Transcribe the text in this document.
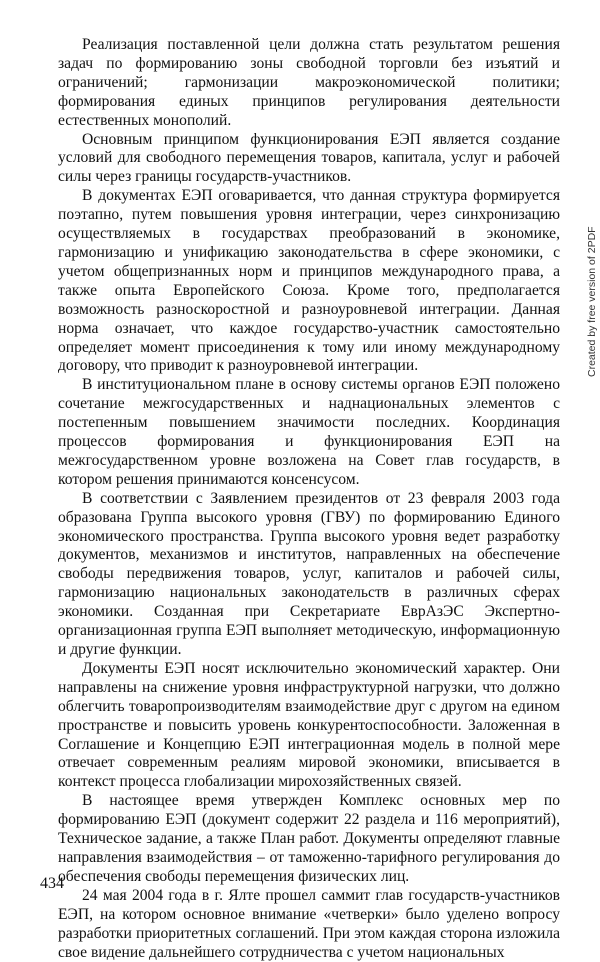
Реализация поставленной цели должна стать результатом решения задач по формированию зоны свободной торговли без изъятий и ограничений; гармонизации макроэкономической политики; формирования единых принципов регулирования деятельности естественных монополий.

Основным принципом функционирования ЕЭП является создание условий для свободного перемещения товаров, капитала, услуг и рабочей силы через границы государств-участников.

В документах ЕЭП оговаривается, что данная структура формируется поэтапно, путем повышения уровня интеграции, через синхронизацию осуществляемых в государствах преобразований в экономике, гармонизацию и унификацию законодательства в сфере экономики, с учетом общепризнанных норм и принципов международного права, а также опыта Европейского Союза. Кроме того, предполагается возможность разноскоростной и разноуровневой интеграции. Данная норма означает, что каждое государство-участник самостоятельно определяет момент присоединения к тому или иному международному договору, что приводит к разноуровневой интеграции.

В институциональном плане в основу системы органов ЕЭП положено сочетание межгосударственных и наднациональных элементов с постепенным повышением значимости последних. Координация процессов формирования и функционирования ЕЭП на межгосударственном уровне возложена на Совет глав государств, в котором решения принимаются консенсусом.

В соответствии с Заявлением президентов от 23 февраля 2003 года образована Группа высокого уровня (ГВУ) по формированию Единого экономического пространства. Группа высокого уровня ведет разработку документов, механизмов и институтов, направленных на обеспечение свободы передвижения товаров, услуг, капиталов и рабочей силы, гармонизацию национальных законодательств в различных сферах экономики. Созданная при Секретариате ЕврАзЭС Экспертно-организационная группа ЕЭП выполняет методическую, информационную и другие функции.

Документы ЕЭП носят исключительно экономический характер. Они направлены на снижение уровня инфраструктурной нагрузки, что должно облегчить товаропроизводителям взаимодействие друг с другом на едином пространстве и повысить уровень конкурентоспособности. Заложенная в Соглашение и Концепцию ЕЭП интеграционная модель в полной мере отвечает современным реалиям мировой экономики, вписывается в контекст процесса глобализации мирохозяйственных связей.

В настоящее время утвержден Комплекс основных мер по формированию ЕЭП (документ содержит 22 раздела и 116 мероприятий), Техническое задание, а также План работ. Документы определяют главные направления взаимодействия – от таможенно-тарифного регулирования до обеспечения свободы перемещения физических лиц.

24 мая 2004 года в г. Ялте прошел саммит глав государств-участников ЕЭП, на котором основное внимание «четверки» было уделено вопросу разработки приоритетных соглашений. При этом каждая сторона изложила свое видение дальнейшего сотрудничества с учетом национальных

434
Created by free version of 2PDF
